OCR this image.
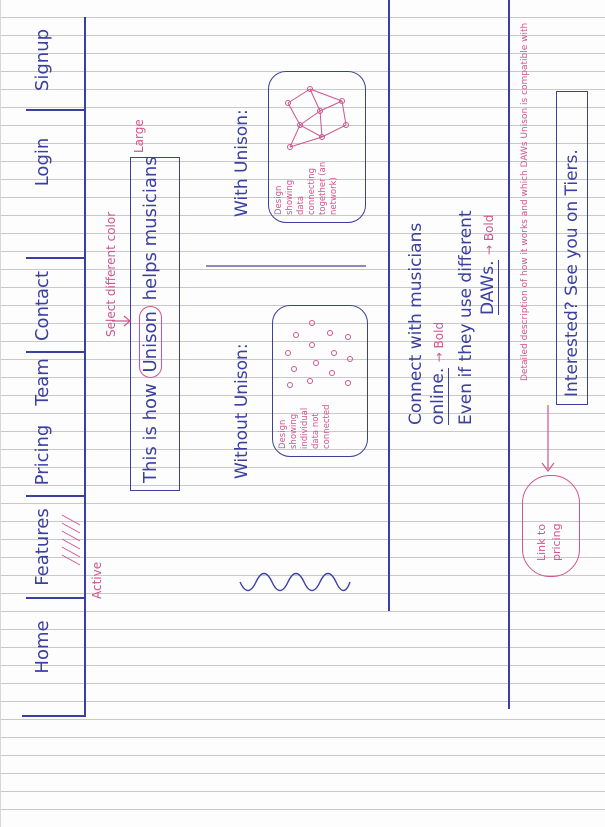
Home
Features
Pricing
Team
Contact
Login
Signup
Active
This is how Unison helps musicians
Select different color
Large
Without Unison:	Design showing individual data not connected
With Unison:	Design showing data connecting together (an network)
Connect with musicians online. → Bold Even if they use different DAWs. → Bold	Detailed description of how it works and which DAWs Unison is compatible with Interested? See you on Tiers.
Link to pricing
